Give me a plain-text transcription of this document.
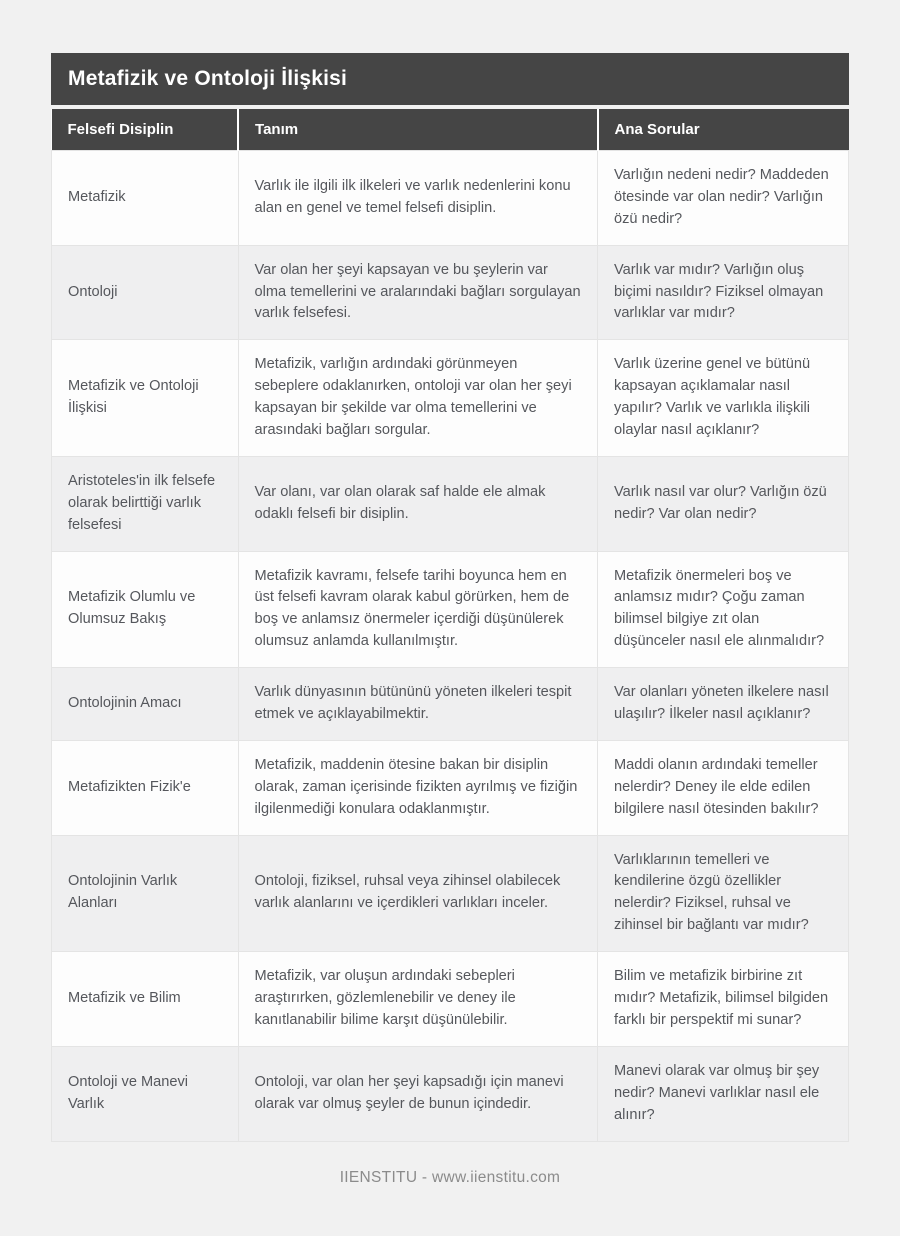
Metafizik ve Ontoloji İlişkisi
Felsefi Disiplin	Tanım	Ana Sorular
Metafizik	Varlık ile ilgili ilk ilkeleri ve varlık nedenlerini konu alan en genel ve temel felsefi disiplin.	Varlığın nedeni nedir? Maddeden ötesinde var olan nedir? Varlığın özü nedir?
Ontoloji	Var olan her şeyi kapsayan ve bu şeylerin var olma temellerini ve aralarındaki bağları sorgulayan varlık felsefesi.	Varlık var mıdır? Varlığın oluş biçimi nasıldır? Fiziksel olmayan varlıklar var mıdır?
Metafizik ve Ontoloji İlişkisi	Metafizik, varlığın ardındaki görünmeyen sebeplere odaklanırken, ontoloji var olan her şeyi kapsayan bir şekilde var olma temellerini ve arasındaki bağları sorgular.	Varlık üzerine genel ve bütünü kapsayan açıklamalar nasıl yapılır? Varlık ve varlıkla ilişkili olaylar nasıl açıklanır?
Aristoteles'in ilk felsefe olarak belirttiği varlık felsefesi	Var olanı, var olan olarak saf halde ele almak odaklı felsefi bir disiplin.	Varlık nasıl var olur? Varlığın özü nedir? Var olan nedir?
Metafizik Olumlu ve Olumsuz Bakış	Metafizik kavramı, felsefe tarihi boyunca hem en üst felsefi kavram olarak kabul görürken, hem de boş ve anlamsız önermeler içerdiği düşünülerek olumsuz anlamda kullanılmıştır.	Metafizik önermeleri boş ve anlamsız mıdır? Çoğu zaman bilimsel bilgiye zıt olan düşünceler nasıl ele alınmalıdır?
Ontolojinin Amacı	Varlık dünyasının bütününü yöneten ilkeleri tespit etmek ve açıklayabilmektir.	Var olanları yöneten ilkelere nasıl ulaşılır? İlkeler nasıl açıklanır?
Metafizikten Fizik'e	Metafizik, maddenin ötesine bakan bir disiplin olarak, zaman içerisinde fizikten ayrılmış ve fiziğin ilgilenmediği konulara odaklanmıştır.	Maddi olanın ardındaki temeller nelerdir? Deney ile elde edilen bilgilere nasıl ötesinden bakılır?
Ontolojinin Varlık Alanları	Ontoloji, fiziksel, ruhsal veya zihinsel olabilecek varlık alanlarını ve içerdikleri varlıkları inceler.	Varlıklarının temelleri ve kendilerine özgü özellikler nelerdir? Fiziksel, ruhsal ve zihinsel bir bağlantı var mıdır?
Metafizik ve Bilim	Metafizik, var oluşun ardındaki sebepleri araştırırken, gözlemlenebilir ve deney ile kanıtlanabilir bilime karşıt düşünülebilir.	Bilim ve metafizik birbirine zıt mıdır? Metafizik, bilimsel bilgiden farklı bir perspektif mi sunar?
Ontoloji ve Manevi Varlık	Ontoloji, var olan her şeyi kapsadığı için manevi olarak var olmuş şeyler de bunun içindedir.	Manevi olarak var olmuş bir şey nedir? Manevi varlıklar nasıl ele alınır?
IIENSTITU - www.iienstitu.com
